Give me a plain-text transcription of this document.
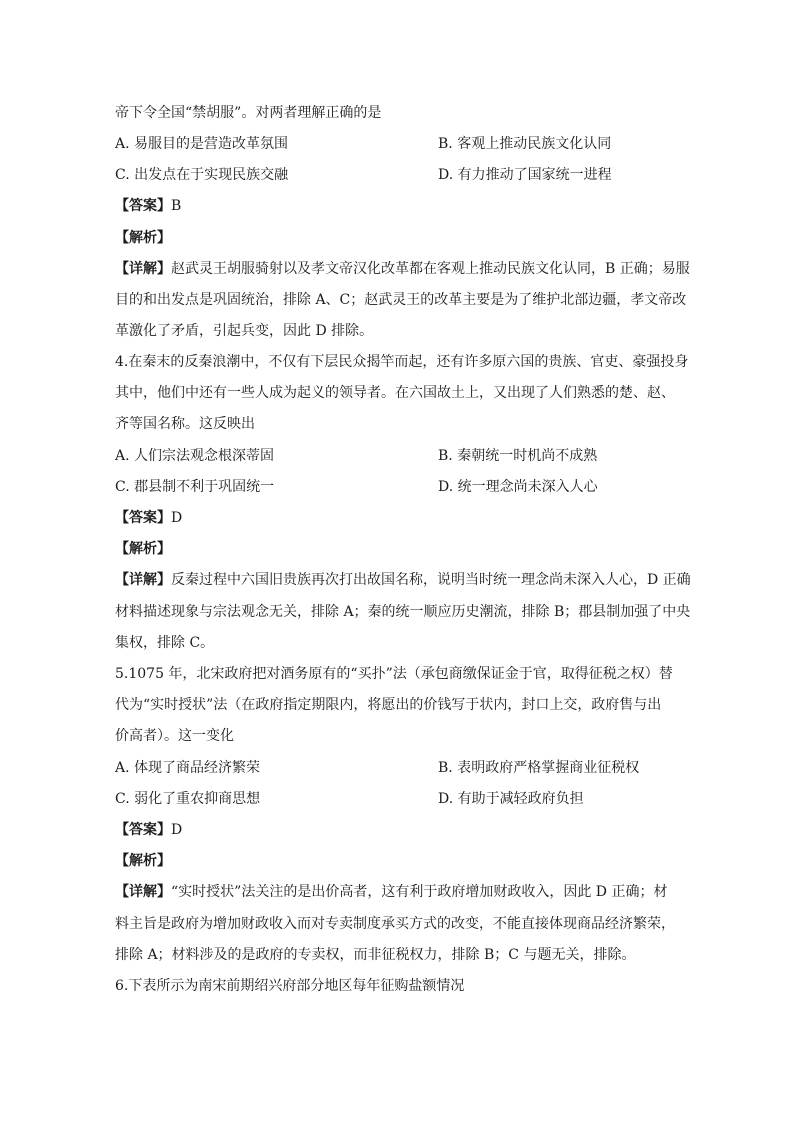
帝下令全国“禁胡服”。对两者理解正确的是
A. 易服目的是营造改革氛围	B. 客观上推动民族文化认同
C. 出发点在于实现民族交融	D. 有力推动了国家统一进程
【答案】B
【解析】
【详解】赵武灵王胡服骑射以及孝文帝汉化改革都在客观上推动民族文化认同，B 正确；易服
目的和出发点是巩固统治，排除 A、C；赵武灵王的改革主要是为了维护北部边疆，孝文帝改
革激化了矛盾，引起兵变，因此 D 排除。
4.在秦末的反秦浪潮中，不仅有下层民众揭竿而起，还有许多原六国的贵族、官吏、豪强投身
其中，他们中还有一些人成为起义的领导者。在六国故土上，又出现了人们熟悉的楚、赵、
齐等国名称。这反映出
A. 人们宗法观念根深蒂固	B. 秦朝统一时机尚不成熟
C. 郡县制不利于巩固统一	D. 统一理念尚未深入人心
【答案】D
【解析】
【详解】反秦过程中六国旧贵族再次打出故国名称，说明当时统一理念尚未深入人心，D 正确
材料描述现象与宗法观念无关，排除 A；秦的统一顺应历史潮流，排除 B；郡县制加强了中央
集权，排除 C。
5.1075 年，北宋政府把对酒务原有的“买扑”法（承包商缴保证金于官，取得征税之权）替
代为“实时授状”法（在政府指定期限内，将愿出的价钱写于状内，封口上交，政府售与出
价高者）。这一变化
A. 体现了商品经济繁荣	B. 表明政府严格掌握商业征税权
C. 弱化了重农抑商思想	D. 有助于减轻政府负担
【答案】D
【解析】
【详解】“实时授状”法关注的是出价高者，这有利于政府增加财政收入，因此 D 正确；材
料主旨是政府为增加财政收入而对专卖制度承买方式的改变，不能直接体现商品经济繁荣，
排除 A；材料涉及的是政府的专卖权，而非征税权力，排除 B；C 与题无关，排除。
6.下表所示为南宋前期绍兴府部分地区每年征购盐额情况
